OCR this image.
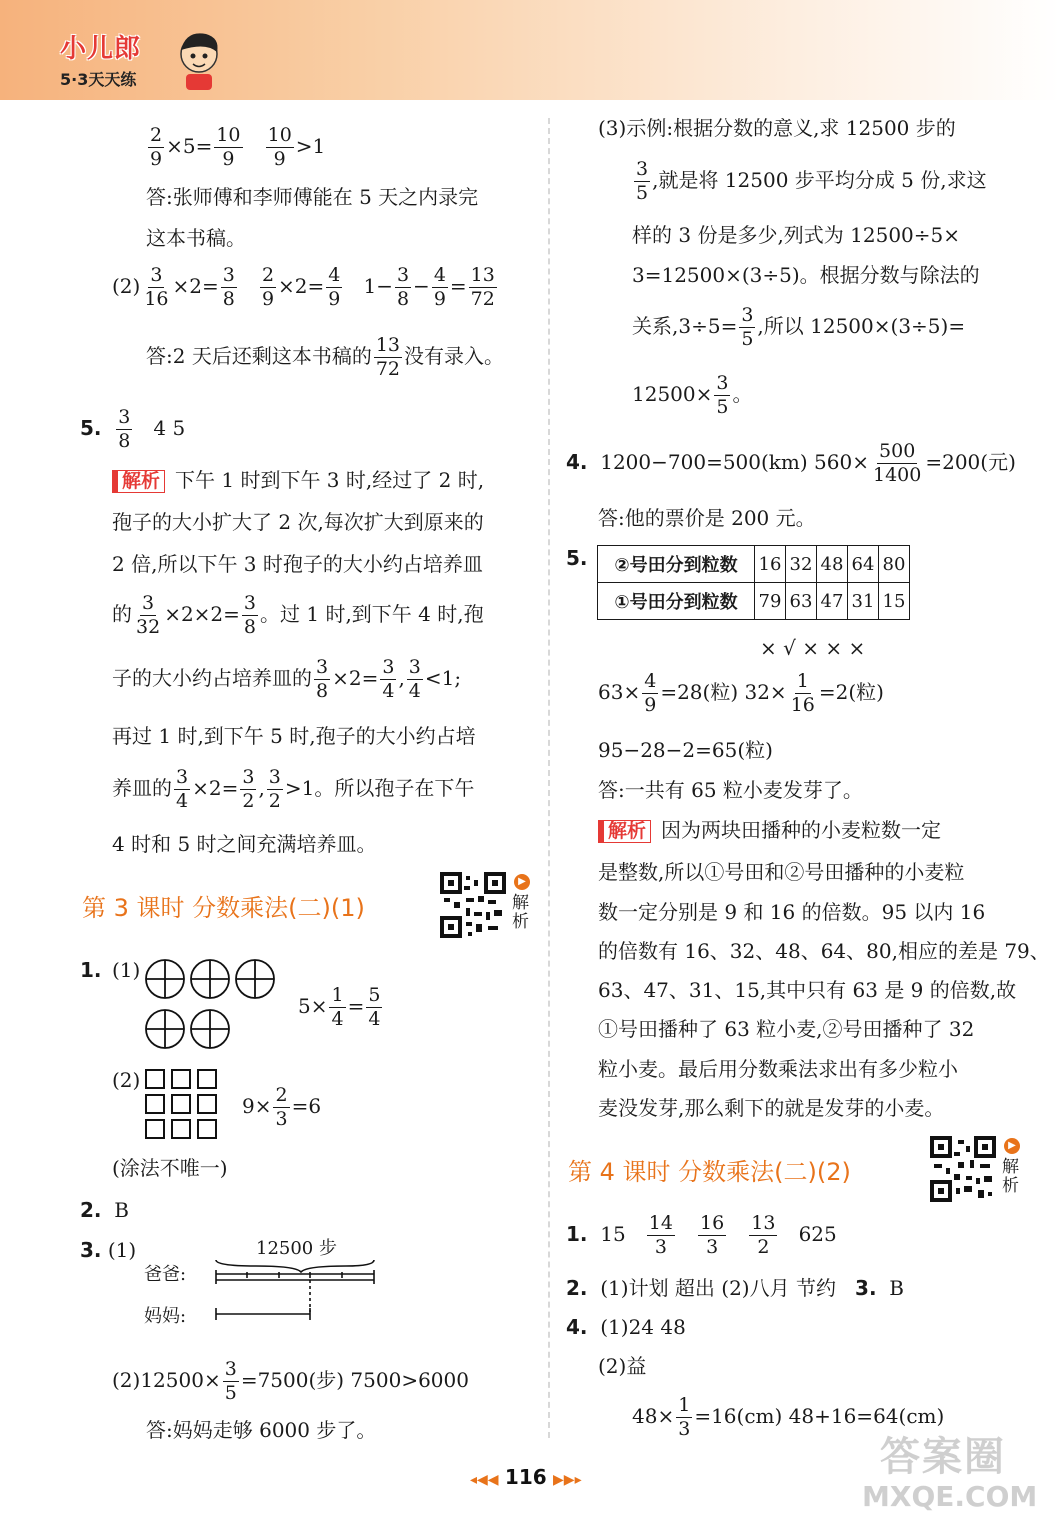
小儿郎
5·3天天练
$\frac{2}{9} \times 5= \frac{10}{9}$
$\frac{10}{9} >1$
答:张师傅和李师傅能在 5 天之内录完
这本书稿。
$(2) \frac{3}{16} \times 2= \frac{3}{8}$
$\frac{2}{9} \times 2= \frac{4}{9} 1- \frac{3}{8} - \frac{4}{9} = \frac{13}{72}$
答:2 天后还剩这本书稿的 $\frac{13}{72}$ 没有录入。
5. $\frac{3}{8} 4$ 5
解析 下午 1 时到下午 3 时,经过了 2 时,
孢子的大小扩大了 2 次,每次扩大到原来的
2 倍,所以下午 3 时孢子的大小约占培养皿
的 $\frac{3}{32} \times 2\times 2= \frac{3}{8}$ 。过 1 时,到下午 4 时,孢
子的大小约占培养皿的 $\frac{3}{8} \times 2= \frac{3}{4}$ , $\frac{3}{4} <1$;
再过 1 时,到下午 5 时,孢子的大小约占培
养皿的 $\frac{3}{4} \times 2= \frac{3}{2}$ , $\frac{3}{2} >1$。所以孢子在下午
4 时和 5 时之间充满培养皿。
第 3 课时 分数乘法(二)(1)
▶
解析
1. (1)
$5\times \frac{1}{4} = \frac{5}{4}$
(2)
$9\times \frac{2}{3} =6$
(涂法不唯一)
2. B
3. (1)	12500 步
爸爸:
妈妈:
$(2)12500\times \frac{3}{5} =7500$(步) 7500>6000
答:妈妈走够 6000 步了。
(3)示例:根据分数的意义,求 12500 步的
$\frac{3}{5}$ ,就是将 12500 步平均分成 5 份,求这
样的 3 份是多少,列式为 12500÷5×
3=12500×(3÷5)。根据分数与除法的
关系$,3\div 5= \frac{3}{5}$ ,所以 12500×(3÷5)=
$12500\times \frac{3}{5}$ 。
4. 1200−700=500(km) $560\times \frac{500}{1400} =200$(元)
答:他的票价是 200 元。
5. ②号田分到粒数	16	32	48	64	80
①号田分到粒数	79	63	47	31	15
× √ × × ×
$63\times \frac{4}{9} =28$(粒) $32\times \frac{1}{16} =2$(粒)
95−28−2=65(粒)
答:一共有 65 粒小麦发芽了。
解析 因为两块田播种的小麦粒数一定
是整数,所以①号田和②号田播种的小麦粒
数一定分别是 9 和 16 的倍数。95 以内 16
的倍数有 16、32、48、64、80,相应的差是 79、
63、47、31、15,其中只有 63 是 9 的倍数,故
①号田播种了 63 粒小麦,②号田播种了 32
粒小麦。最后用分数乘法求出有多少粒小
麦没发芽,那么剩下的就是发芽的小麦。
第 4 课时 分数乘法(二)(2)
▶
解析
1. $15 \frac{14}{3}$
$\frac{16}{3}$
$\frac{13}{2} 625$
2. (1)计划 超出 (2)八月 节约 3. B
4. (1)24 48
(2)益
$48\times \frac{1}{3} =16(cm)$ 48+16=64(cm)
◂◀◀ 116 ▶▶▸	答案圈
MXQE.COM
